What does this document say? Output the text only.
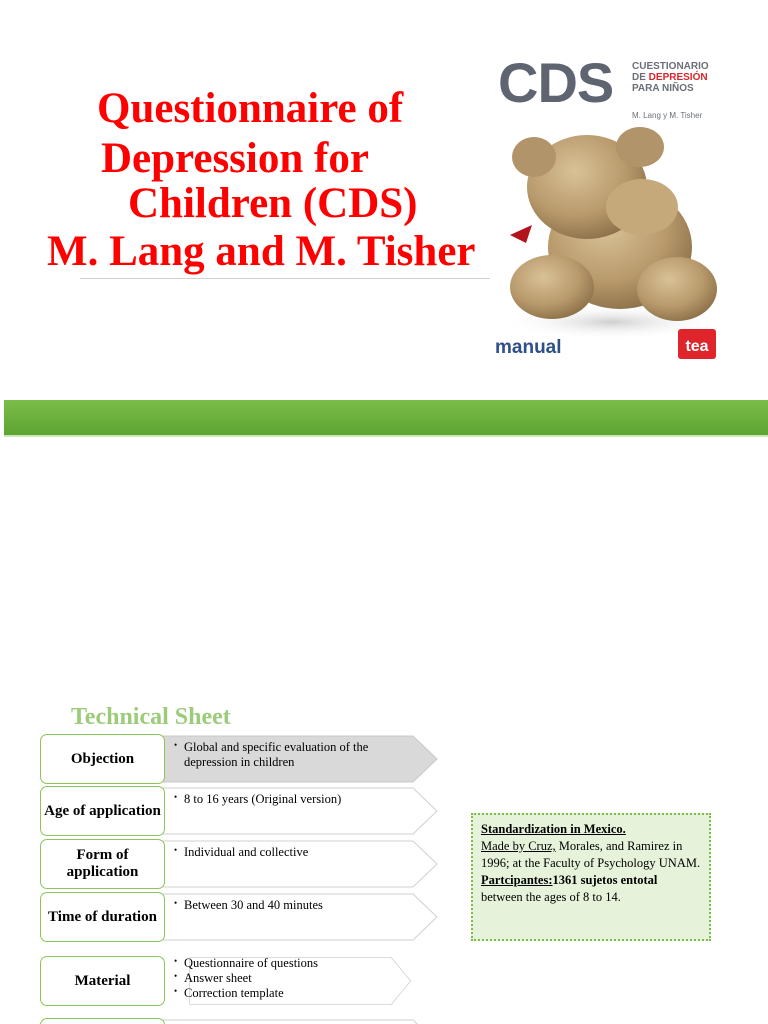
Questionnaire of
Depression for
Children (CDS)
M. Lang and M. Tisher
CDS CUESTIONARIO
DE DEPRESIÓN
PARA NIÑOS
M. Lang y M. Tisher
manual	tea
Technical Sheet
Objection
• Global and specific evaluation of the depression in children
Age of application
• 8 to 16 years (Original version)
Form of application
• Individual and collective
Time of duration
• Between 30 and 40 minutes
Material
• Questionnaire of questions
• Answer sheet
• Correction template
Standardization in Mexico.
Made by Cruz, Morales, and Ramirez in 1996; at the Faculty of Psychology UNAM.
Partcipantes:1361 sujetos entotal
between the ages of 8 to 14.
